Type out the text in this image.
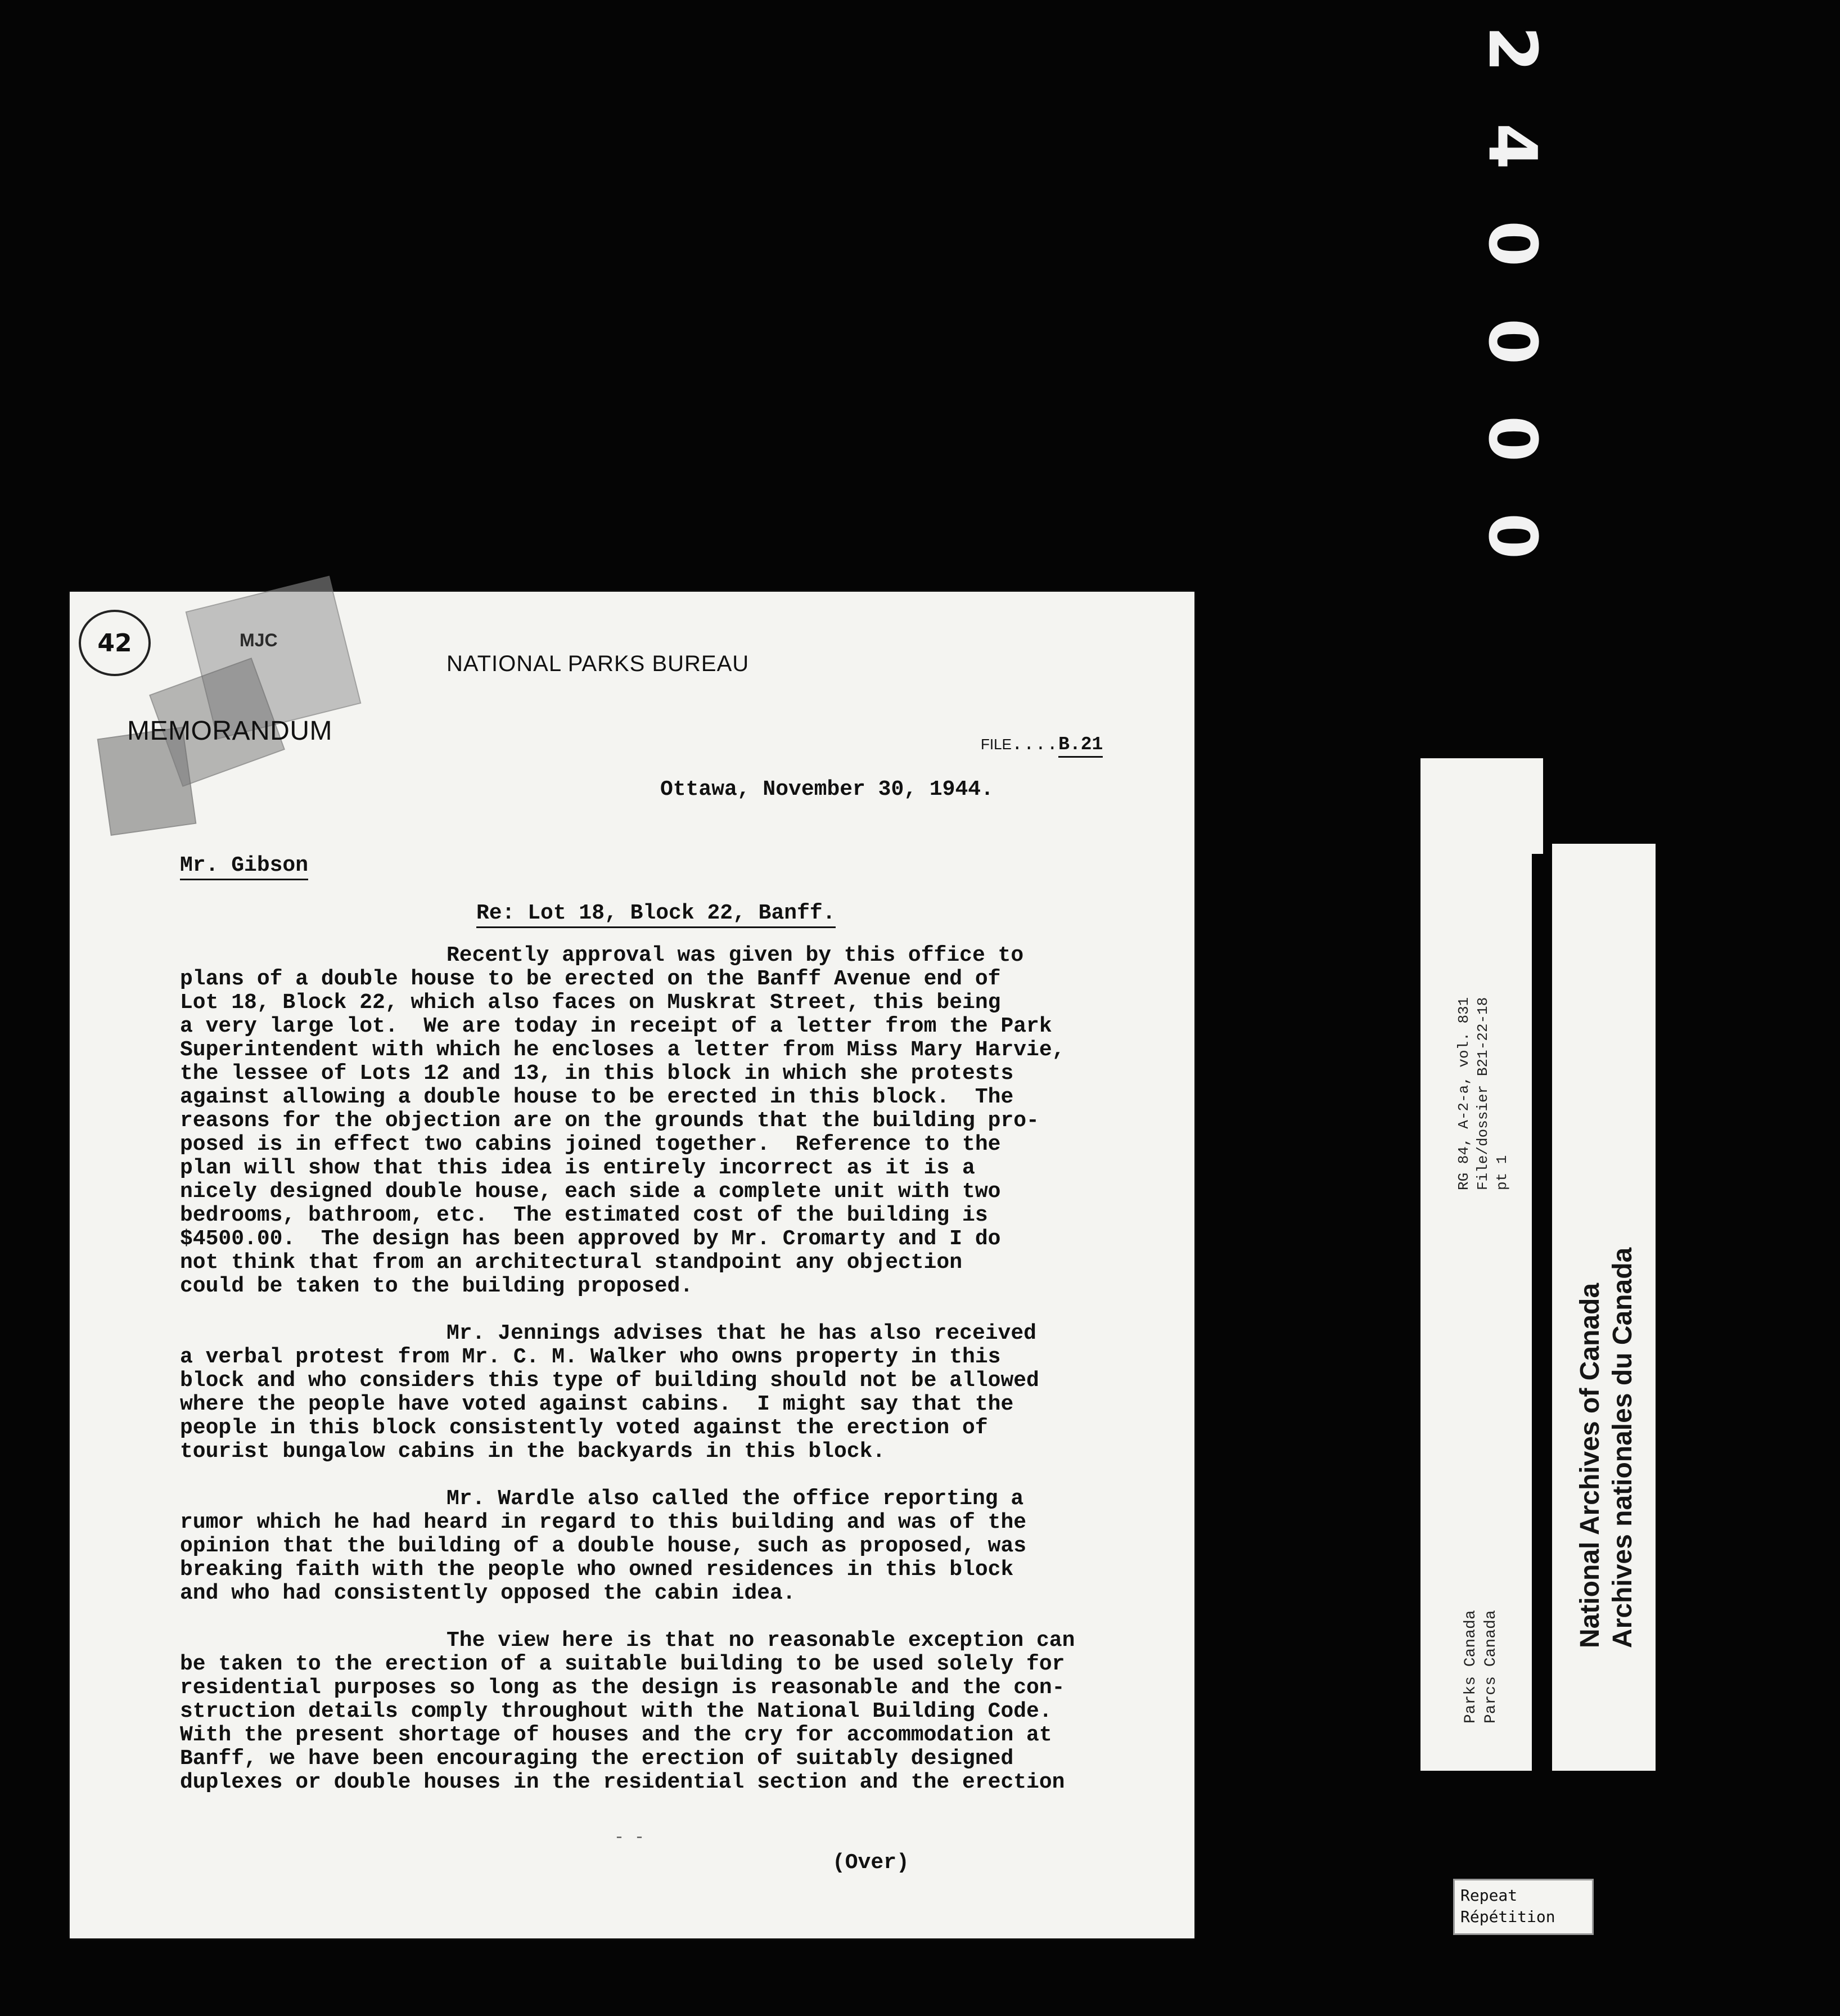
2
4
0
0
0
0
42	MJC
NATIONAL PARKS BUREAU
MEMORANDUM	FILE....B.21
Ottawa, November 30, 1944.
Mr. Gibson
Re: Lot 18, Block 22, Banff.
Recently approval was given by this office to
plans of a double house to be erected on the Banff Avenue end of
Lot 18, Block 22, which also faces on Muskrat Street, this being
a very large lot.  We are today in receipt of a letter from the Park
Superintendent with which he encloses a letter from Miss Mary Harvie,
the lessee of Lots 12 and 13, in this block in which she protests
against allowing a double house to be erected in this block.  The
reasons for the objection are on the grounds that the building pro-
posed is in effect two cabins joined together.  Reference to the
plan will show that this idea is entirely incorrect as it is a
nicely designed double house, each side a complete unit with two
bedrooms, bathroom, etc.  The estimated cost of the building is
$4500.00.  The design has been approved by Mr. Cromarty and I do
not think that from an architectural standpoint any objection
could be taken to the building proposed.
Mr. Jennings advises that he has also received
a verbal protest from Mr. C. M. Walker who owns property in this
block and who considers this type of building should not be allowed
where the people have voted against cabins.  I might say that the
people in this block consistently voted against the erection of
tourist bungalow cabins in the backyards in this block.
Mr. Wardle also called the office reporting a
rumor which he had heard in regard to this building and was of the
opinion that the building of a double house, such as proposed, was
breaking faith with the people who owned residences in this block
and who had consistently opposed the cabin idea.
The view here is that no reasonable exception can
be taken to the erection of a suitable building to be used solely for
residential purposes so long as the design is reasonable and the con-
struction details comply throughout with the National Building Code.
With the present shortage of houses and the cry for accommodation at
Banff, we have been encouraging the erection of suitably designed
duplexes or double houses in the residential section and the erection
- -
(Over)
RG 84, A-2-a, vol. 831 File/dossier B21-22-18 pt 1
Parks Canada Parcs Canada
National Archives of Canada Archives nationales du Canada
Repeat
Répétition
